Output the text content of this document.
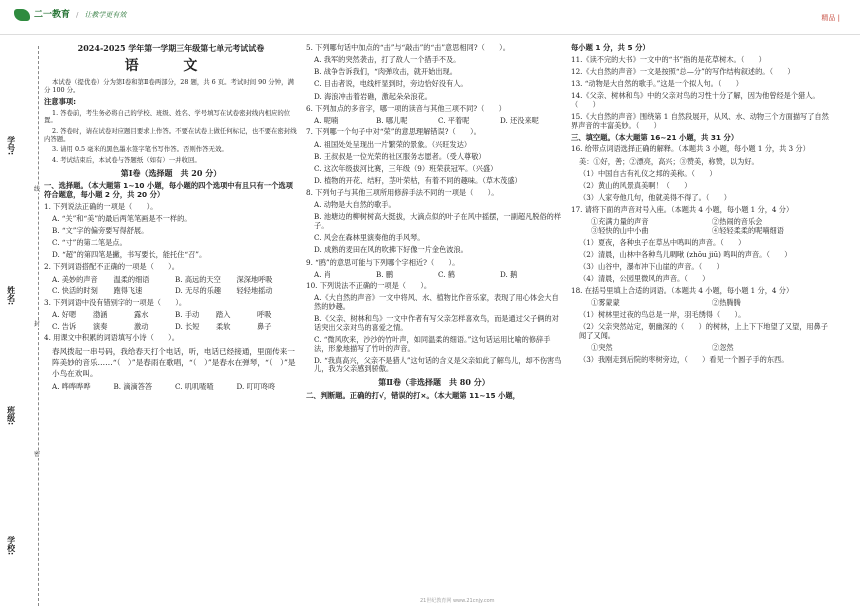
二一教育 / 让教学更有效	精品 |
学号:
姓名:
班级:
学校:
线
封
密
2024-2025 学年第一学期三年级第七单元考试试卷
语 文
本试卷（提优卷）分为第Ⅰ卷和第Ⅱ卷两部分，28 题，共 6 页。考试时间 90 分钟，满分 100 分。
注意事项:
1. 答卷前，考生务必将自己的学校、班级、姓名、学号填写在试卷密封线内相应的位置。
2. 答卷时，请在试卷对应题目要求上作答。不要在试卷上做任何标记，也不要在密封线内答题。
3. 请用 0.5 毫米的黑色墨水签字笔书写作答。否则作答无效。
4. 考试结束后，本试卷与答题纸（如有）一并收回。
第Ⅰ卷（选择题　共 20 分）
一、选择题。（本大题第 1~10 小题，每小题的四个选项中有且只有一个选项符合题意，每小题 2 分，共 20 分）
1. 下列说法正确的一项是（　　）。
A. “关”和“美”的最后两笔笔画是不一样的。
B. “文”字的偏旁要写得舒展。
C. “寸”的第二笔是点。
D. “超”的第四笔是撇，书写要长，能托住“召”。
2. 下列词语搭配不正确的一项是（　　）。
A. 美妙的声音	温柔的细语	B. 高远的天空	深深地呼吸
C. 快活的时刻	跑得飞速	D. 无尽的乐趣	轻轻地摇动
3. 下列词语中没有错别字的一项是（　　）。
A. 好嗯	渤涵	露水	B. 手动	踏入	呼吸
C. 告诉	演奏	激动	D. 长短	柔软	鼻子
4. 用课文中积累的词语填写小诗（　　）。
春风拨起一串号码，我给春天打个电话，听，电话已经接通，里面传来一阵美妙的音乐……“（　）”是春雨在歌唱，“（　）”是春水在弹琴，“（　）”是小鸟在欢叫。
A. 哗哗哗哗	B. 滴滴答答	C. 叽叽喳喳	D. 叮叮咚咚
5. 下列哪句话中加点的“击”与“敲击”的“击”意思相同?（　　）。
A. 我军的突然袭击，打了敌人一个措手不及。
B. 战争告诉我们，“肉弹攻击，就开始出现。
C. 目击者说，电线杆显到时，旁边恰好没有人。
D. 海浪冲击着岩礁，激起朵朵浪花。
6. 下列加点的多音字，哪一项的读音与其他三项不同?（　　）
A. 呢喃	B. 哪儿呢	C. 平着呢	D. 还没来呢
7. 下列哪一个句子中对“荣”的意思理解错误?（　　）。
A. 祖国处处呈现出一片繁荣的景象。（兴旺发达）
B. 王叔叔是一位光荣的社区服务志愿者。（受人尊敬）
C. 这次年级拔河比赛，三年级（9）班荣获冠军。（兴盛）
D. 植物的开花、结籽，茎叶荣枯，有着不同的趣味。（草木茂盛）
8. 下列句子与其他三项所用修辞手法不同的一项是（　　）。
A. 动物是大自然的歌手。
B. 池塘边的柳树树高大挺拔，大滴点似的叶子在风中摇摆，一副超凡脱俗的样子。
C. 风会在森林里演奏他的手风琴。
D. 成熟的麦田在风的吹拂下好像一片金色波浪。
9. “鸥”的意思可能与下列哪个字相近?（　　）。
A. 肖	B. 鹏	C. 鹤	D. 鹅
10. 下列说法不正确的一项是（　　）。
A.《大自然的声音》一文中将风、水、植物比作音乐家，表现了用心体会大自然的妙趣。
B.《父亲、树林和鸟》一文中作者有写父亲怎样喜欢鸟，而是通过父子俩的对话突出父亲对鸟的喜爱之情。
C. “微风吹来，沙沙的竹叶声，如同温柔的细语。”这句话运用比喻的修辞手法，形象地描写了竹叶的声音。
D. “我真高兴，父亲不是猎人”这句话的含义是父亲如此了解鸟儿，却不伤害鸟儿，我为父亲感到骄傲。
第Ⅱ卷（非选择题　共 80 分）
二、判断题。正确的打√，错误的打×。（本大题第 11~15 小题，
每小题 1 分，共 5 分）
11.《读不完的大书》一文中的“书”指的是花草树木。（　　）
12.《大自然的声音》一文是按照“总—分”的写作结构叙述的。（　　）
13. “动物是大自然的歌手。”这是一个拟人句。（　　）
14.《父亲、树林和鸟》中的父亲对鸟的习性十分了解，因为他曾经是个猎人。（　　）
15.《大自然的声音》围绕第 1 自然段展开，从风、水、动物三个方面描写了自然界声音的丰富美妙。（　　）
三、填空题。（本大题第 16~21 小题，共 31 分）
16. 给带点词语选择正确的解释。（本题共 3 小题，每小题 1 分，共 3 分）
美：①好，善；②漂亮，高兴；③赞美，称赞，以为好。
（1）中国自古有礼仪之邦的美称。（　　）
（2）黄山的风景真美啊！（　　）
（3）人家夸他几句，他就美得不得了。（　　）
17. 请将下面的声音对号入座。（本题共 4 小题，每小题 1 分，4 分）
①充满力量的声音	②热闹的音乐会
③轻快的山中小曲	④轻轻柔柔的呢喃细语
（1）夏夜，各种虫子在草丛中鸣叫的声音。（　　）
（2）清晨，山林中各种鸟儿啁啾 (zhōu jiū) 鸣叫的声音。（　　）
（3）山谷中，瀑布冲下山崖的声音。（　　）
（4）清晨，公园里微风的声音。（　　）
18. 在括号里填上合适的词语。（本题共 4 小题，每小题 1 分，4 分）
①雾蒙蒙	②热腾腾
（1）树林里过夜的鸟总是一岸，羽毛绣得（　　）。
（2）父亲突然站定，朝幽深的（　　）的树林，上上下下地望了又望，用鼻子闻了又闻。
①突然	②忽然
（3）我刚走到后院的枣树旁边，（　　）看见一个圆子手的东西。
21世纪教育网 www.21cnjy.com
